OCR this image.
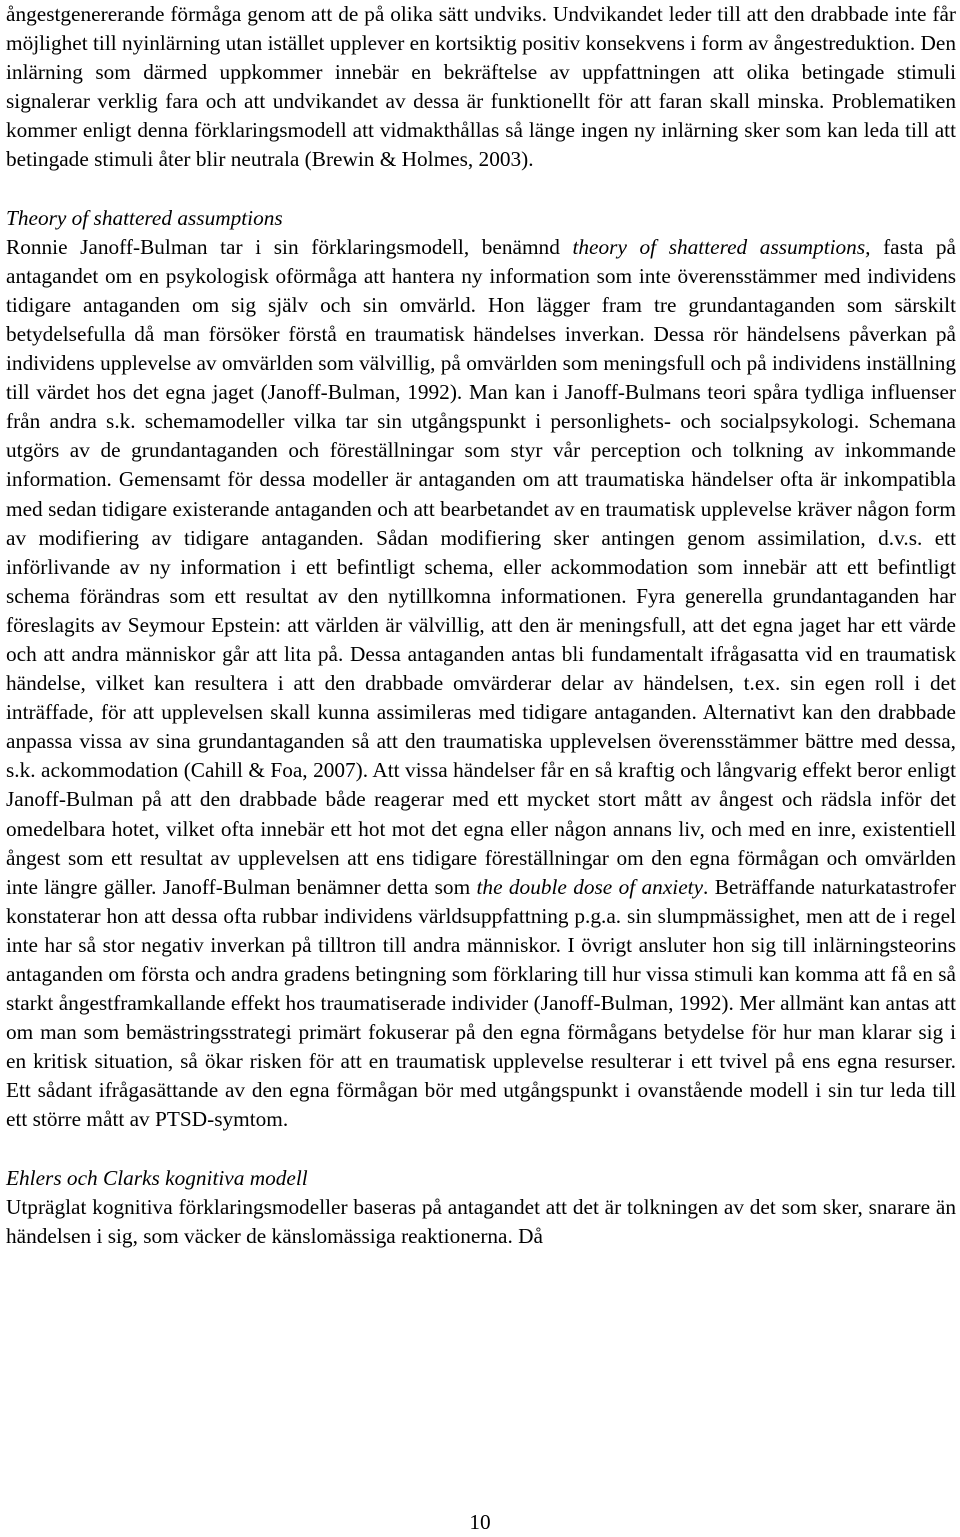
ångestgenererande förmåga genom att de på olika sätt undviks. Undvikandet leder till att den drabbade inte får möjlighet till nyinlärning utan istället upplever en kortsiktig positiv konsekvens i form av ångestreduktion. Den inlärning som därmed uppkommer innebär en bekräftelse av uppfattningen att olika betingade stimuli signalerar verklig fara och att undvikandet av dessa är funktionellt för att faran skall minska. Problematiken kommer enligt denna förklaringsmodell att vidmakthållas så länge ingen ny inlärning sker som kan leda till att betingade stimuli åter blir neutrala (Brewin & Holmes, 2003).

Theory of shattered assumptions

Ronnie Janoff-Bulman tar i sin förklaringsmodell, benämnd theory of shattered assumptions, fasta på antagandet om en psykologisk oförmåga att hantera ny information som inte överensstämmer med individens tidigare antaganden om sig själv och sin omvärld. Hon lägger fram tre grundantaganden som särskilt betydelsefulla då man försöker förstå en traumatisk händelses inverkan. Dessa rör händelsens påverkan på individens upplevelse av omvärlden som välvillig, på omvärlden som meningsfull och på individens inställning till värdet hos det egna jaget (Janoff-Bulman, 1992). Man kan i Janoff-Bulmans teori spåra tydliga influenser från andra s.k. schemamodeller vilka tar sin utgångspunkt i personlighets- och socialpsykologi. Schemana utgörs av de grundantaganden och föreställningar som styr vår perception och tolkning av inkommande information. Gemensamt för dessa modeller är antaganden om att traumatiska händelser ofta är inkompatibla med sedan tidigare existerande antaganden och att bearbetandet av en traumatisk upplevelse kräver någon form av modifiering av tidigare antaganden. Sådan modifiering sker antingen genom assimilation, d.v.s. ett införlivande av ny information i ett befintligt schema, eller ackommodation som innebär att ett befintligt schema förändras som ett resultat av den nytillkomna informationen. Fyra generella grundantaganden har föreslagits av Seymour Epstein: att världen är välvillig, att den är meningsfull, att det egna jaget har ett värde och att andra människor går att lita på. Dessa antaganden antas bli fundamentalt ifrågasatta vid en traumatisk händelse, vilket kan resultera i att den drabbade omvärderar delar av händelsen, t.ex. sin egen roll i det inträffade, för att upplevelsen skall kunna assimileras med tidigare antaganden. Alternativt kan den drabbade anpassa vissa av sina grundantaganden så att den traumatiska upplevelsen överensstämmer bättre med dessa, s.k. ackommodation (Cahill & Foa, 2007). Att vissa händelser får en så kraftig och långvarig effekt beror enligt Janoff-Bulman på att den drabbade både reagerar med ett mycket stort mått av ångest och rädsla inför det omedelbara hotet, vilket ofta innebär ett hot mot det egna eller någon annans liv, och med en inre, existentiell ångest som ett resultat av upplevelsen att ens tidigare föreställningar om den egna förmågan och omvärlden inte längre gäller. Janoff-Bulman benämner detta som the double dose of anxiety. Beträffande naturkatastrofer konstaterar hon att dessa ofta rubbar individens världsuppfattning p.g.a. sin slumpmässighet, men att de i regel inte har så stor negativ inverkan på tilltron till andra människor. I övrigt ansluter hon sig till inlärningsteorins antaganden om första och andra gradens betingning som förklaring till hur vissa stimuli kan komma att få en så starkt ångestframkallande effekt hos traumatiserade individer (Janoff-Bulman, 1992). Mer allmänt kan antas att om man som bemästringsstrategi primärt fokuserar på den egna förmågans betydelse för hur man klarar sig i en kritisk situation, så ökar risken för att en traumatisk upplevelse resulterar i ett tvivel på ens egna resurser. Ett sådant ifrågasättande av den egna förmågan bör med utgångspunkt i ovanstående modell i sin tur leda till ett större mått av PTSD-symtom.

Ehlers och Clarks kognitiva modell

Utpräglat kognitiva förklaringsmodeller baseras på antagandet att det är tolkningen av det som sker, snarare än händelsen i sig, som väcker de känslomässiga reaktionerna. Då

10
